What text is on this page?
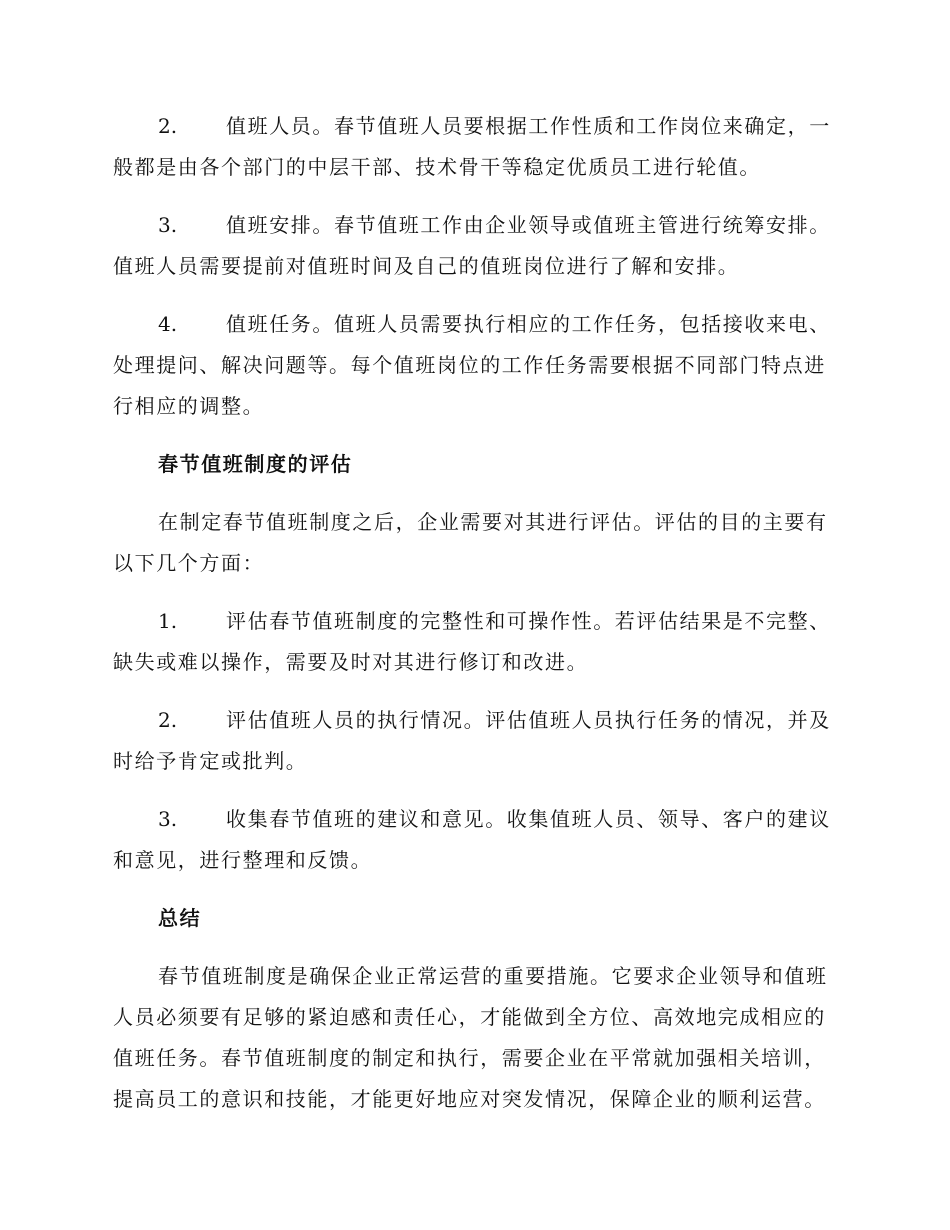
2. 值班人员。春节值班人员要根据工作性质和工作岗位来确定，一般都是由各个部门的中层干部、技术骨干等稳定优质员工进行轮值。

3. 值班安排。春节值班工作由企业领导或值班主管进行统筹安排。值班人员需要提前对值班时间及自己的值班岗位进行了解和安排。

4. 值班任务。值班人员需要执行相应的工作任务，包括接收来电、处理提问、解决问题等。每个值班岗位的工作任务需要根据不同部门特点进行相应的调整。

春节值班制度的评估

在制定春节值班制度之后，企业需要对其进行评估。评估的目的主要有以下几个方面：

1. 评估春节值班制度的完整性和可操作性。若评估结果是不完整、缺失或难以操作，需要及时对其进行修订和改进。

2. 评估值班人员的执行情况。评估值班人员执行任务的情况，并及时给予肯定或批判。

3. 收集春节值班的建议和意见。收集值班人员、领导、客户的建议和意见，进行整理和反馈。

总结

春节值班制度是确保企业正常运营的重要措施。它要求企业领导和值班人员必须要有足够的紧迫感和责任心，才能做到全方位、高效地完成相应的值班任务。春节值班制度的制定和执行，需要企业在平常就加强相关培训，提高员工的意识和技能，才能更好地应对突发情况，保障企业的顺利运营。
